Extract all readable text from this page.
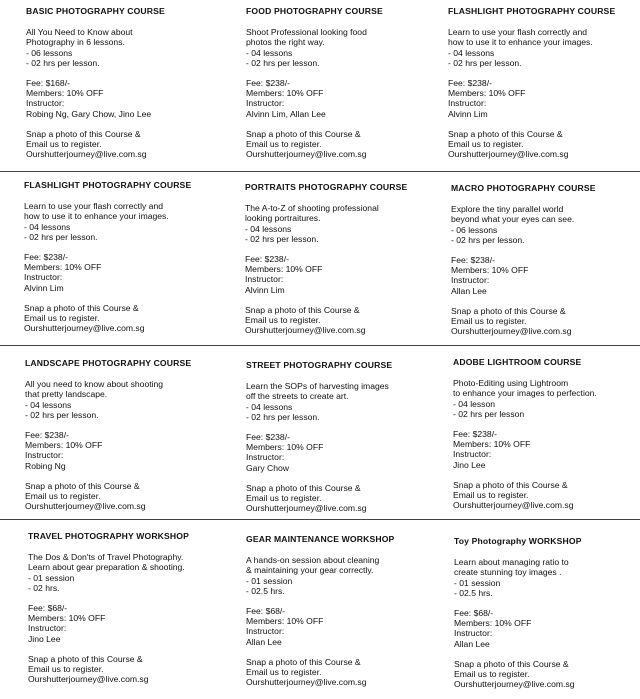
BASIC PHOTOGRAPHY COURSE
All You Need to Know about
Photography in 6 lessons.
- 06 lessons
- 02 hrs per lesson.
Fee: $168/-
Members: 10% OFF
Instructor:
Robing Ng, Gary Chow, Jino Lee
Snap a photo of this Course &
Email us to register.
Ourshutterjourney@live.com.sg
FOOD PHOTOGRAPHY COURSE
Shoot Professional looking food
photos the right way.
- 04 lessons
- 02 hrs per lesson.
Fee: $238/-
Members: 10% OFF
Instructor:
Alvinn Lim, Allan Lee
Snap a photo of this Course &
Email us to register.
Ourshutterjourney@live.com.sg
FLASHLIGHT PHOTOGRAPHY COURSE
Learn to use your flash correctly and
how to use it to enhance your images.
- 04 lessons
- 02 hrs per lesson.
Fee: $238/-
Members: 10% OFF
Instructor:
Alvinn Lim
Snap a photo of this Course &
Email us to register.
Ourshutterjourney@live.com.sg
FLASHLIGHT PHOTOGRAPHY COURSE
Learn to use your flash correctly and
how to use it to enhance your images.
- 04 lessons
- 02 hrs per lesson.
Fee: $238/-
Members: 10% OFF
Instructor:
Alvinn Lim
Snap a photo of this Course &
Email us to register.
Ourshutterjourney@live.com.sg
PORTRAITS PHOTOGRAPHY COURSE
The A-to-Z of shooting professional
looking portraitures.
- 04 lessons
- 02 hrs per lesson.
Fee: $238/-
Members: 10% OFF
Instructor:
Alvinn Lim
Snap a photo of this Course &
Email us to register.
Ourshutterjourney@live.com.sg
MACRO PHOTOGRAPHY COURSE
Explore the tiny parallel world
beyond what your eyes can see.
- 06 lessons
- 02 hrs per lesson.
Fee: $238/-
Members: 10% OFF
Instructor:
Allan Lee
Snap a photo of this Course &
Email us to register.
Ourshutterjourney@live.com.sg
LANDSCAPE PHOTOGRAPHY COURSE
All you need to know about shooting
that pretty landscape.
- 04 lessons
- 02 hrs per lesson.
Fee: $238/-
Members: 10% OFF
Instructor:
Robing Ng
Snap a photo of this Course &
Email us to register.
Ourshutterjourney@live.com.sg
STREET PHOTOGRAPHY COURSE
Learn the SOPs of harvesting images
off the streets to create art.
- 04 lessons
- 02 hrs per lesson.
Fee: $238/-
Members: 10% OFF
Instructor:
Gary Chow
Snap a photo of this Course &
Email us to register.
Ourshutterjourney@live.com.sg
ADOBE LIGHTROOM COURSE
Photo-Editing using Lightroom
to enhance your images to perfection.
- 04 lesson
- 02 hrs per lesson
Fee: $238/-
Members: 10% OFF
Instructor:
Jino Lee
Snap a photo of this Course &
Email us to register.
Ourshutterjourney@live.com.sg
TRAVEL PHOTOGRAPHY WORKSHOP
The Dos & Don'ts of Travel Photography.
Learn about gear preparation & shooting.
- 01 session
- 02 hrs.
Fee: $68/-
Members: 10% OFF
Instructor:
Jino Lee
Snap a photo of this Course &
Email us to register.
Ourshutterjourney@live.com.sg
GEAR MAINTENANCE WORKSHOP
A hands-on session about cleaning
& maintaining your gear correctly.
- 01 session
- 02.5 hrs.
Fee: $68/-
Members: 10% OFF
Instructor:
Allan Lee
Snap a photo of this Course &
Email us to register.
Ourshutterjourney@live.com.sg
Toy Photography WORKSHOP
Learn about managing ratio to
create stunning toy images .
- 01 session
- 02.5 hrs.
Fee: $68/-
Members: 10% OFF
Instructor:
Allan Lee
Snap a photo of this Course &
Email us to register.
Ourshutterjourney@live.com.sg
